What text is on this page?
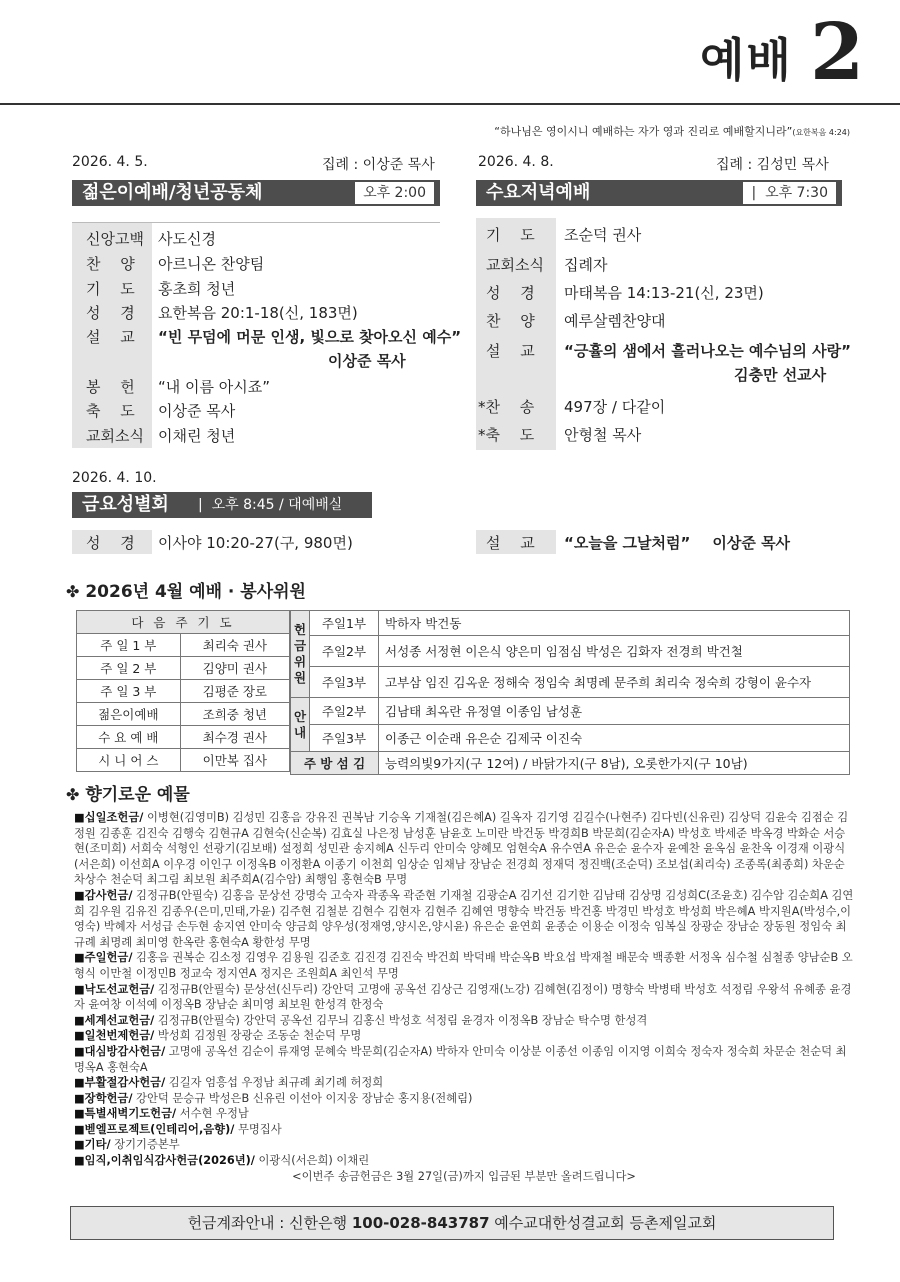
예배 2
“하나님은 영이시니 예배하는 자가 영과 진리로 예배할지니라”(요한복음 4:24)
2026. 4. 5.	집례 : 이상준 목사
젊은이예배/청년공동체	오후 2:00
신앙고백 사도신경
찬　 양 아르니온 찬양팀
기　 도 홍초희 청년
성　 경 요한복음 20:1-18(신, 183면)
설　 교 “빈 무덤에 머문 인생, 빛으로 찾아오신 예수”
이상준 목사
봉　 헌 “내 이름 아시죠”
축　 도 이상준 목사
교회소식 이채린 청년
2026. 4. 8.	집례 : 김성민 목사
수요저녁예배	|  오후 7:30
기　 도 조순덕 권사
교회소식 집례자
성　 경 마태복음 14:13-21(신, 23면)
찬　 양 예루살렘찬양대
설　 교 “긍휼의 샘에서 흘러나오는 예수님의 사랑”
김충만 선교사
*찬　 송 497장 / 다같이
*축　 도 안형철 목사
2026. 4. 10.
금요성별회	|  오후 8:45 / 대예배실
성　 경 이사야 10:20-27(구, 980면)	설　 교 “오늘을 그날처럼” 이상준 목사
✤ 2026년 4월 예배 · 봉사위원
다 음 주 기 도	
주 일 1 부	최리숙 권사
주 일 2 부	김양미 권사
주 일 3 부	김평준 장로
젊은이예배	조희중 청년
수 요 예 배	최수경 권사
시 니 어 스	이만복 집사
헌금위원	주일1부	박하자 박건동
	주일2부	서성종 서정현 이은식 양은미 임점심 박성은 김화자 전경희 박건철
	주일3부	고부삼 임진 김옥운 정해숙 정임숙 최명례 문주희 최리숙 정숙희 강형이 윤수자
안내	주일2부	김남태 최옥란 유정열 이종임 남성훈
	주일3부	이종근 이순래 유은순 김제국 이진숙
주 방 섬 김		능력의빛9가지(구 12여) / 바닭가지(구 8남), 오롯한가지(구 10남)
✤ 향기로운 예물
■십일조헌금/ 이병현(김영미B) 김성민 김홍음 강유진 권복남 기승옥 기재철(김은혜A) 길옥자 김기영 김길수(나현주) 김다빈(신유린) 김상덕 김윤숙 김점순 김정원 김종훈 김진숙 김행숙 김현규A 김현숙(신순복) 김효실 나은정 남성훈 남윤호 노미란 박건동 박경희B 박문희(김순자A) 박성호 박세준 박옥경 박화순 서승현(조미희) 서희숙 석형인 선광기(김보배) 설정희 성민관 송지혜A 신두리 안미숙 양혜모 엄현숙A 유수연A 유은순 윤수자 윤예찬 윤옥심 윤찬옥 이경재 이광식(서은희) 이선희A 이우경 이인구 이정옥B 이정환A 이종기 이천희 임상순 임채남 장남순 전경희 정재덕 정진백(조순덕) 조보섭(최리숙) 조종록(최종희) 차운순 차상수 천순덕 최그림 최보원 최주희A(김수암) 최행임 홍현숙B 무명
■감사헌금/ 김정규B(안필숙) 김홍음 문상선 강명숙 고숙자 곽종옥 곽준현 기재철 김광순A 김기선 김기한 김남태 김상명 김성희C(조윤호) 김수암 김순희A 김연희 김우원 김유진 김종우(은미,민태,가윤) 김주현 김철분 김현수 김현자 김현주 김혜연 명향숙 박건동 박건홍 박경민 박성호 박성희 박은혜A 박지원A(박성수,이영숙) 박혜자 서성급 손두현 송지연 안미숙 양금희 양우성(정재영,양시온,양시윤) 유은순 윤연희 윤종순 이용순 이정숙 임복실 장광순 장남순 장동원 정임숙 최규례 최명례 최미영 한옥란 홍현숙A 황한성 무명
■주일헌금/ 김홍음 권복순 김소정 김영우 김용원 김준호 김진경 김진숙 박건희 박덕배 박순옥B 박요섭 박재철 배문숙 백종환 서정옥 심수철 심철종 양남순B 오형식 이만철 이정민B 정교숙 정지연A 정지은 조원희A 최인석 무명
■낙도선교헌금/ 김정규B(안필숙) 문상선(신두리) 강안덕 고명애 공옥선 김상근 김영재(노강) 김혜현(김정이) 명향숙 박병태 박성호 석정림 우왕석 유혜종 윤경자 윤여창 이석예 이정옥B 장남순 최미영 최보원 한성격 한정숙
■세계선교헌금/ 김정규B(안필숙) 강안덕 공옥선 김무늬 김홍신 박성호 석정림 윤경자 이정옥B 장남순 탁수명 한성격
■일천번제헌금/ 박성희 김정원 장광순 조동순 천순덕 무명
■대심방감사헌금/ 고명애 공옥선 김순이 류재영 문혜숙 박문희(김순자A) 박하자 안미숙 이상분 이종선 이종임 이지영 이희숙 정숙자 정숙희 차문순 천순덕 최명옥A 홍현숙A
■부활절감사헌금/ 김길자 엄흥섭 우정남 최규례 최기례 허정희
■장학헌금/ 강안덕 문승규 박성은B 신유린 이선아 이지웅 장남순 홍지용(전혜림)
■특별새벽기도헌금/ 서수현 우정남
■벧엘프로젝트(인테리어,음향)/ 무명집사
■기타/ 장기기증본부
■임직,이취임식감사헌금(2026년)/ 이광식(서은희) 이채린
<이번주 송금헌금은 3월 27일(금)까지 입금된 부분만 올려드립니다>
헌금계좌안내 : 신한은행 100-028-843787 예수교대한성결교회 등촌제일교회
